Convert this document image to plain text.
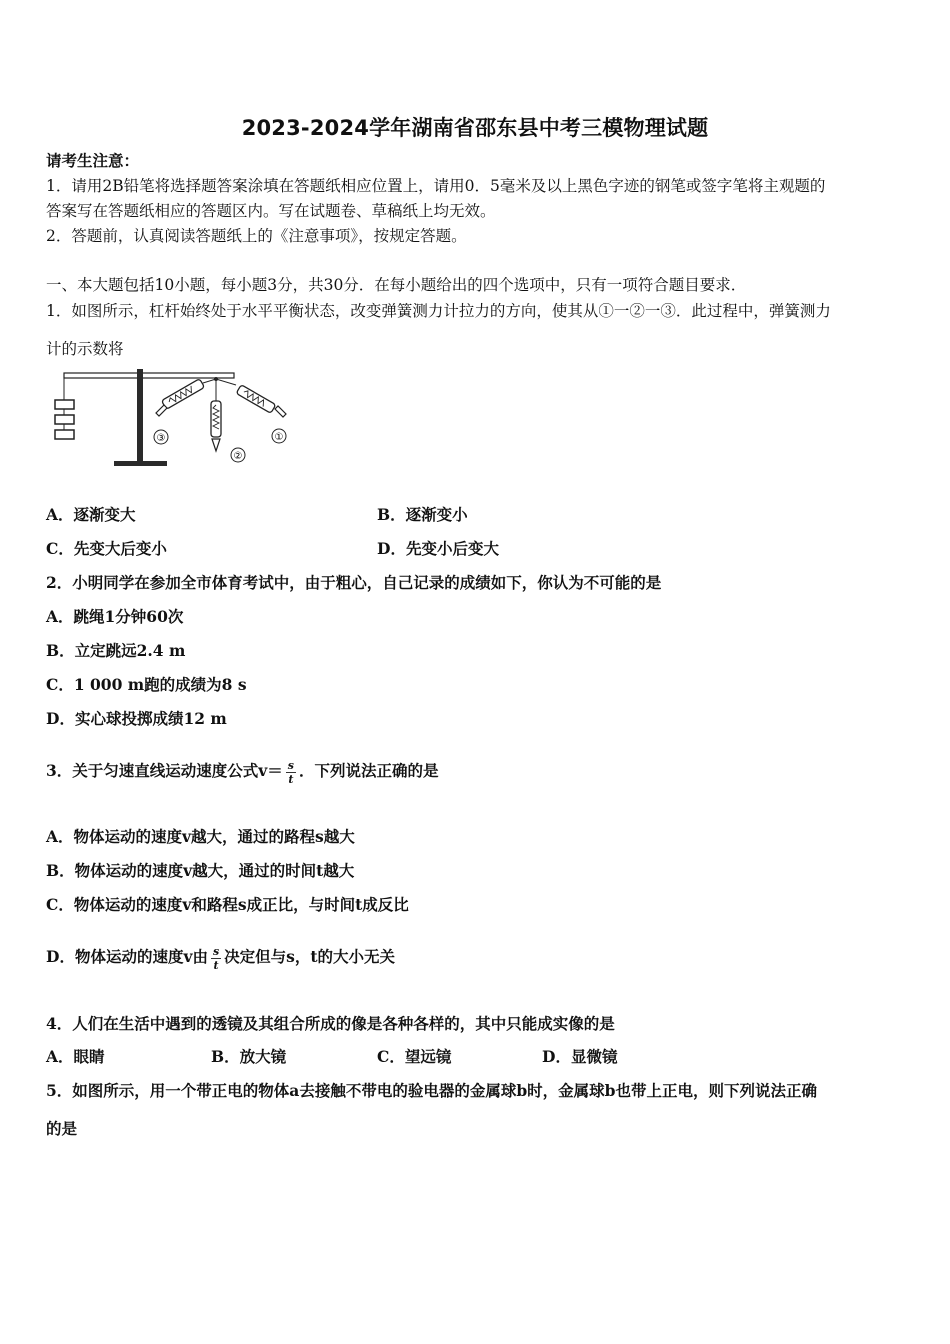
2023-2024学年湖南省邵东县中考三模物理试题
请考生注意：
1．请用2B铅笔将选择题答案涂填在答题纸相应位置上，请用0．5毫米及以上黑色字迹的钢笔或签字笔将主观题的
答案写在答题纸相应的答题区内。写在试题卷、草稿纸上均无效。
2．答题前，认真阅读答题纸上的《注意事项》，按规定答题。
一、本大题包括10小题，每小题3分，共30分．在每小题给出的四个选项中，只有一项符合题目要求．
1．如图所示，杠杆始终处于水平平衡状态，改变弹簧测力计拉力的方向，使其从①一②一③．此过程中，弹簧测力
计的示数将
③
②
①
A．逐渐变大	B．逐渐变小
C．先变大后变小	D．先变小后变大
2．小明同学在参加全市体育考试中，由于粗心，自己记录的成绩如下，你认为不可能的是
A．跳绳1分钟60次
B．立定跳远2.4 m
C．1 000 m跑的成绩为8 s
D．实心球投掷成绩12 m
3．关于匀速直线运动速度公式$v= \frac{s}{t}$ ．下列说法正确的是
A．物体运动的速度v越大，通过的路程s越大
B．物体运动的速度v越大，通过的时间t越大
C．物体运动的速度v和路程s成正比，与时间t成反比
D．物体运动的速度v由 $\frac{s}{t}$ 决定但与s，t的大小无关
4．人们在生活中遇到的透镜及其组合所成的像是各种各样的，其中只能成实像的是
A．眼睛	B．放大镜	C．望远镜	D．显微镜
5．如图所示，用一个带正电的物体a去接触不带电的验电器的金属球b时，金属球b也带上正电，则下列说法正确
的是
